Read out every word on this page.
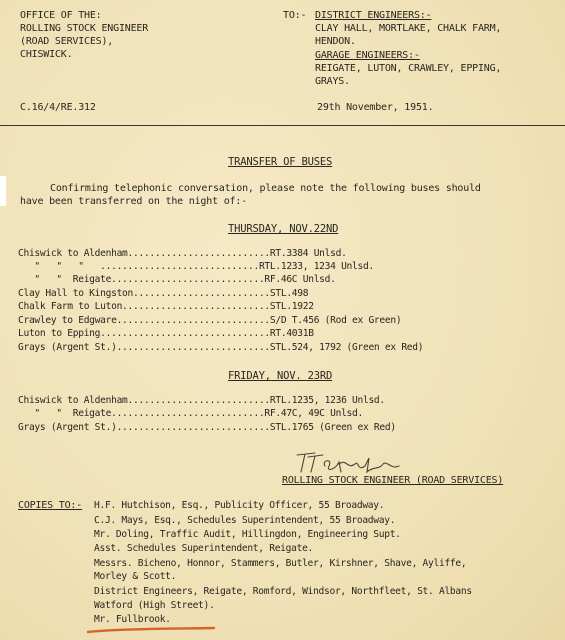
OFFICE OF THE:
ROLLING STOCK ENGINEER
(ROAD SERVICES),
CHISWICK.
TO:- DISTRICT ENGINEERS:-
CLAY HALL, MORTLAKE, CHALK FARM,
HENDON.
GARAGE ENGINEERS:-
REIGATE, LUTON, CRAWLEY, EPPING,
GRAYS.
C.16/4/RE.312	29th November, 1951.
TRANSFER OF BUSES
Confirming telephonic conversation, please note the following buses should
have been transferred on the night of:-
THURSDAY, NOV.22ND
Chiswick to Aldenham..........................RT.3384 Unlsd.
"   "   "   .............................RTL.1233, 1234 Unlsd.
"   "  Reigate............................RF.46C Unlsd.
Clay Hall to Kingston.........................STL.498
Chalk Farm to Luton...........................STL.1922
Crawley to Edgware............................S/D T.456 (Rod ex Green)
Luton to Epping...............................RT.4031B
Grays (Argent St.)............................STL.524, 1792 (Green ex Red)
FRIDAY, NOV. 23RD
Chiswick to Aldenham..........................RTL.1235, 1236 Unlsd.
"   "  Reigate............................RF.47C, 49C Unlsd.
Grays (Argent St.)............................STL.1765 (Green ex Red)
ROLLING STOCK ENGINEER (ROAD SERVICES)
COPIES TO:- H.F. Hutchison, Esq., Publicity Officer, 55 Broadway.
C.J. Mays, Esq., Schedules Superintendent, 55 Broadway.
Mr. Doling, Traffic Audit, Hillingdon, Engineering Supt.
Asst. Schedules Superintendent, Reigate.
Messrs. Bicheno, Honnor, Stammers, Butler, Kirshner, Shave, Ayliffe,
Morley & Scott.
District Engineers, Reigate, Romford, Windsor, Northfleet, St. Albans
Watford (High Street).
Mr. Fullbrook.
